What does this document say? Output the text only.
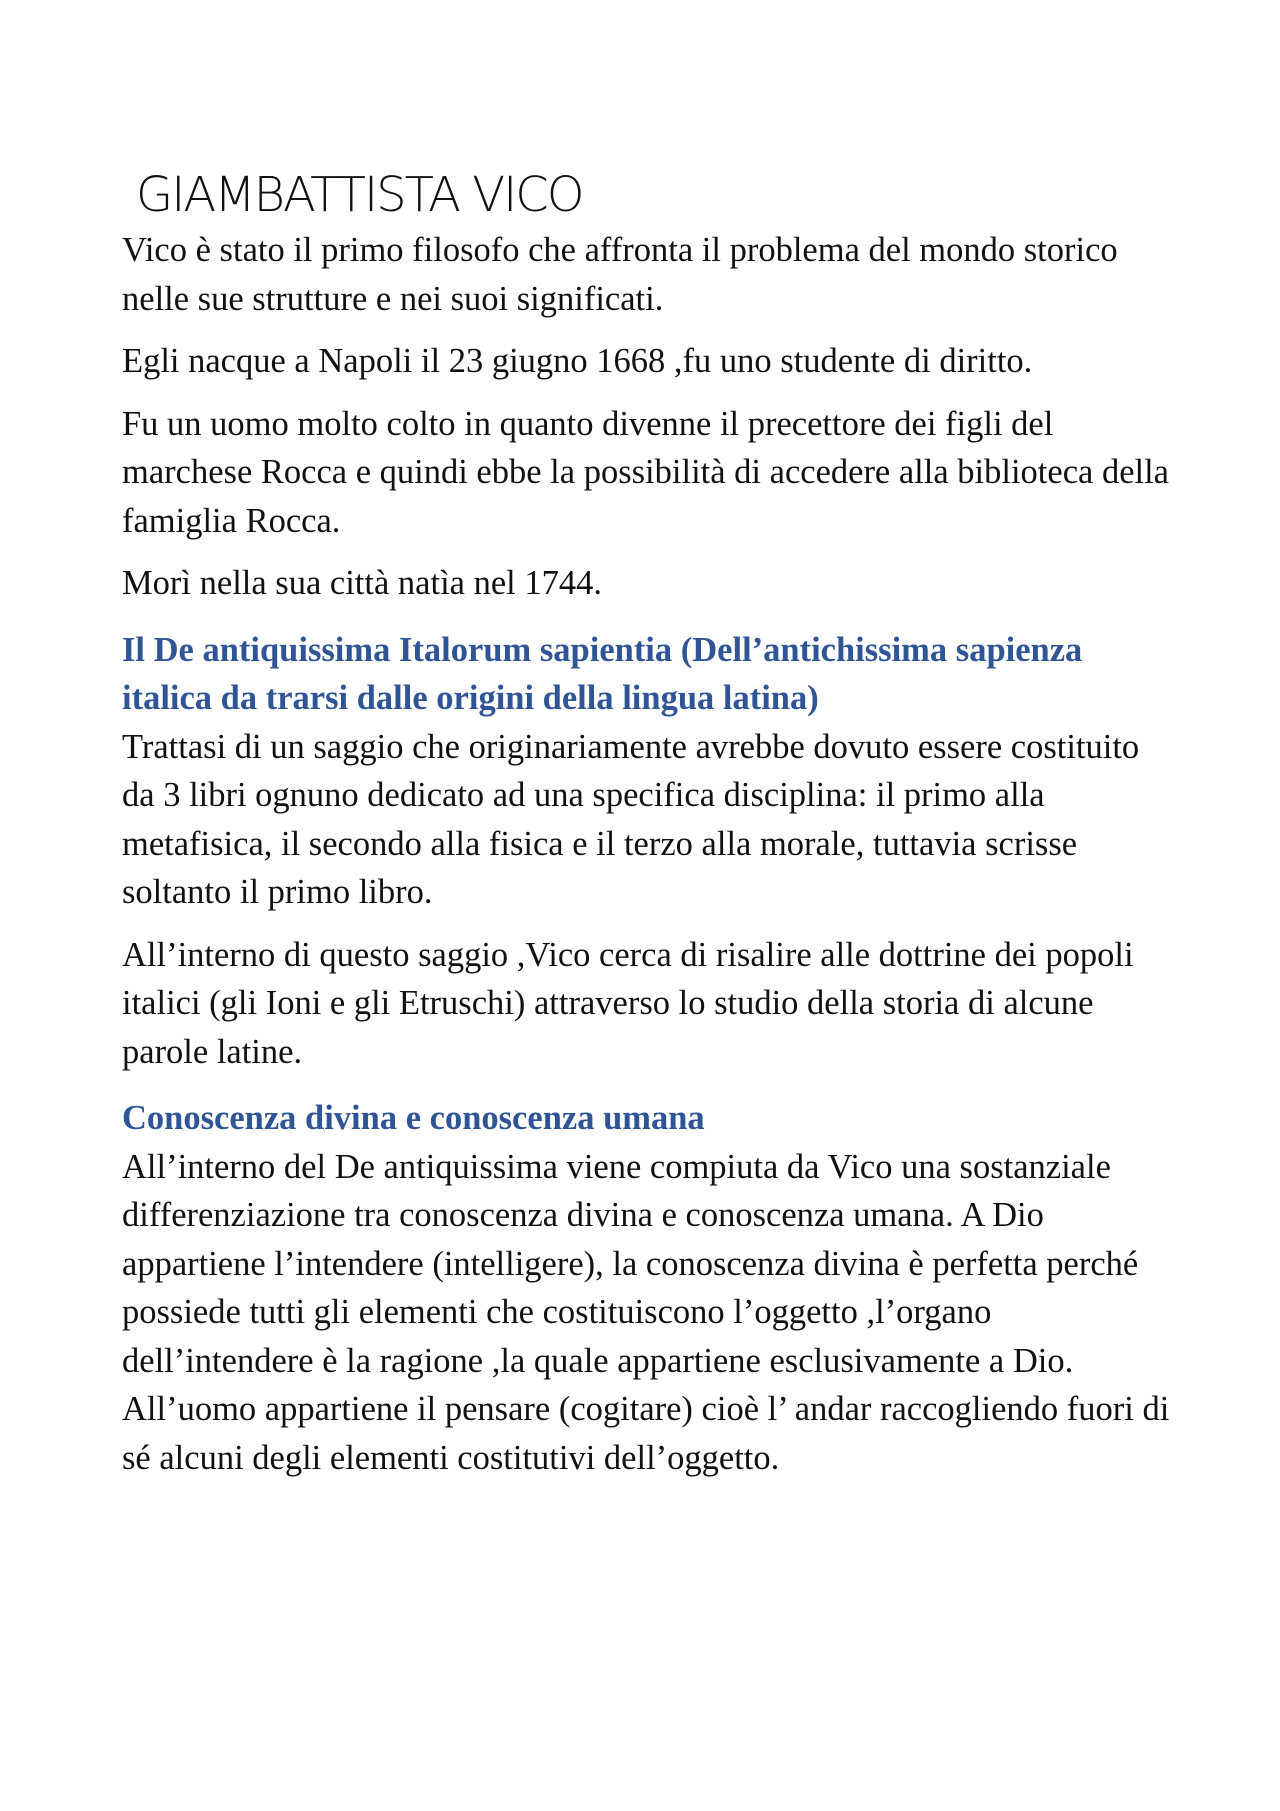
GIAMBATTISTA VICO

Vico è stato il primo filosofo che affronta il problema del mondo storico nelle sue strutture e nei suoi significati.

Egli nacque a Napoli il 23 giugno 1668 ,fu uno studente di diritto.

Fu un uomo molto colto in quanto divenne il precettore dei figli del marchese Rocca e quindi ebbe la possibilità di accedere alla biblioteca della famiglia Rocca.

Morì nella sua città natìa nel 1744.

Il De antiquissima Italorum sapientia (Dell’antichissima sapienza italica da trarsi dalle origini della lingua latina)

Trattasi di un saggio che originariamente avrebbe dovuto essere costituito da 3 libri ognuno dedicato ad una specifica disciplina: il primo alla metafisica, il secondo alla fisica e il terzo alla morale, tuttavia scrisse soltanto il primo libro.

All’interno di questo saggio ,Vico cerca di risalire alle dottrine dei popoli italici (gli Ioni e gli Etruschi) attraverso lo studio della storia di alcune parole latine.

Conoscenza divina e conoscenza umana

All’interno del De antiquissima viene compiuta da Vico una sostanziale differenziazione tra conoscenza divina e conoscenza umana. A Dio appartiene l’intendere (intelligere), la conoscenza divina è perfetta perché possiede tutti gli elementi che costituiscono l’oggetto ,l’organo dell’intendere è la ragione ,la quale appartiene esclusivamente a Dio. All’uomo appartiene il pensare (cogitare) cioè l’ andar raccogliendo fuori di sé alcuni degli elementi costitutivi dell’oggetto.
